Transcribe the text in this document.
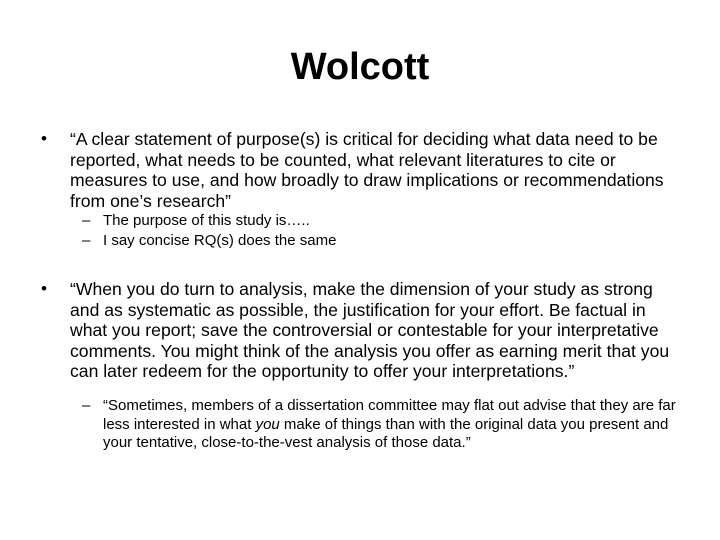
Wolcott
• “A clear statement of purpose(s) is critical for deciding what data need to be reported, what needs to be counted, what relevant literatures to cite or measures to use, and how broadly to draw implications or recommendations from one’s research”

– The purpose of this study is…..

– I say concise RQ(s) does the same

• “When you do turn to analysis, make the dimension of your study as strong and as systematic as possible, the justification for your effort. Be factual in what you report; save the controversial or contestable for your interpretative comments. You might think of the analysis you offer as earning merit that you can later redeem for the opportunity to offer your interpretations.”

– “Sometimes, members of a dissertation committee may flat out advise that they are far less interested in what you make of things than with the original data you present and your tentative, close-to-the-vest analysis of those data.”
